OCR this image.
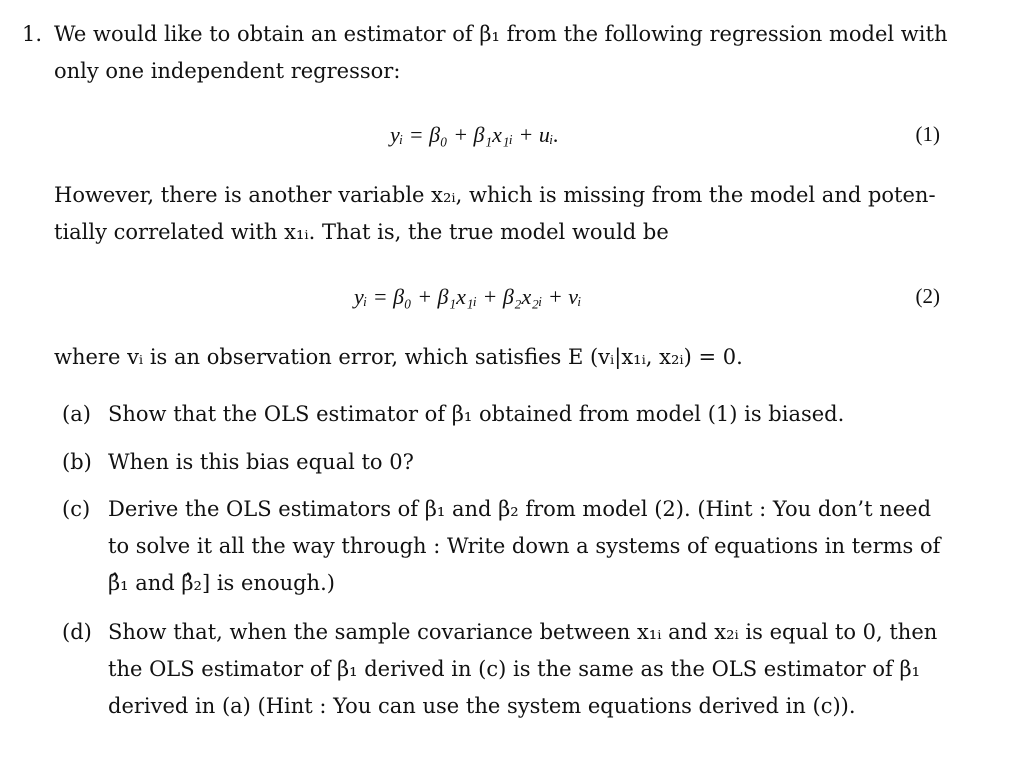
1. We would like to obtain an estimator of β₁ from the following regression model with
only one independent regressor:
yᵢ = β₀ + β₁x₁ᵢ + uᵢ.	(1)
However, there is another variable x₂ᵢ, which is missing from the model and poten-
tially correlated with x₁ᵢ. That is, the true model would be
yᵢ = β₀ + β₁x₁ᵢ + β₂x₂ᵢ + vᵢ	(2)
where vᵢ is an observation error, which satisfies E (vᵢ|x₁ᵢ, x₂ᵢ) = 0.
(a) Show that the OLS estimator of β₁ obtained from model (1) is biased.
(b) When is this bias equal to 0?
(c) Derive the OLS estimators of β₁ and β₂ from model (2). (Hint : You don’t need
to solve it all the way through : Write down a systems of equations in terms of
β̂₁ and β̂₂] is enough.)
(d) Show that, when the sample covariance between x₁ᵢ and x₂ᵢ is equal to 0, then
the OLS estimator of β₁ derived in (c) is the same as the OLS estimator of β₁
derived in (a) (Hint : You can use the system equations derived in (c)).
